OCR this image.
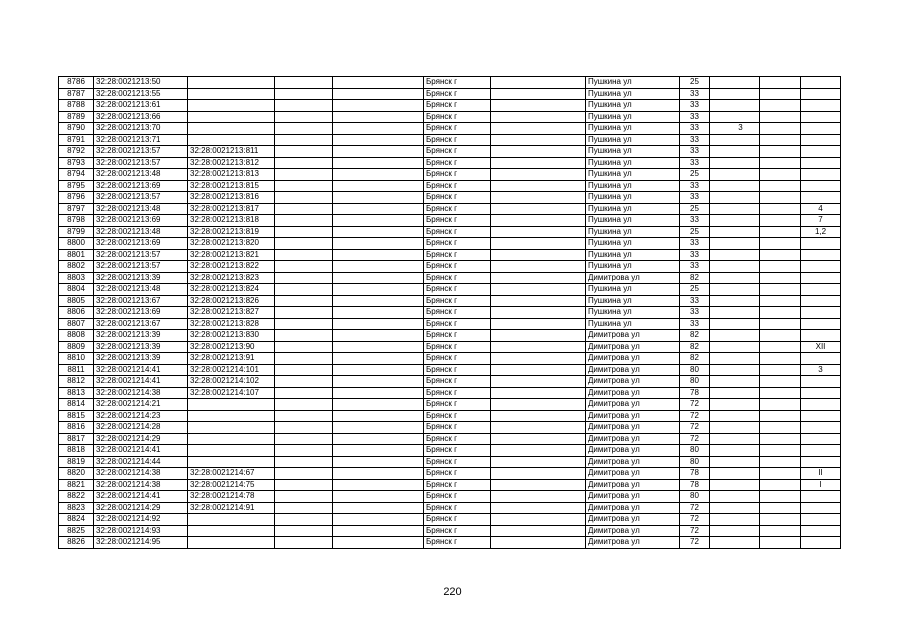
8786	32:28:0021213:50				Брянск г		Пушкина ул	25			
8787	32:28:0021213:55				Брянск г		Пушкина ул	33			
8788	32:28:0021213:61				Брянск г		Пушкина ул	33			
8789	32:28:0021213:66				Брянск г		Пушкина ул	33			
8790	32:28:0021213:70				Брянск г		Пушкина ул	33	3		
8791	32:28:0021213:71				Брянск г		Пушкина ул	33			
8792	32:28:0021213:57	32:28:0021213:811			Брянск г		Пушкина ул	33			
8793	32:28:0021213:57	32:28:0021213:812			Брянск г		Пушкина ул	33			
8794	32:28:0021213:48	32:28:0021213:813			Брянск г		Пушкина ул	25			
8795	32:28:0021213:69	32:28:0021213:815			Брянск г		Пушкина ул	33			
8796	32:28:0021213:57	32:28:0021213:816			Брянск г		Пушкина ул	33			
8797	32:28:0021213:48	32:28:0021213:817			Брянск г		Пушкина ул	25			4
8798	32:28:0021213:69	32:28:0021213:818			Брянск г		Пушкина ул	33			7
8799	32:28:0021213:48	32:28:0021213:819			Брянск г		Пушкина ул	25			1,2
8800	32:28:0021213:69	32:28:0021213:820			Брянск г		Пушкина ул	33			
8801	32:28:0021213:57	32:28:0021213:821			Брянск г		Пушкина ул	33			
8802	32:28:0021213:57	32:28:0021213:822			Брянск г		Пушкина ул	33			
8803	32:28:0021213:39	32:28:0021213:823			Брянск г		Димитрова ул	82			
8804	32:28:0021213:48	32:28:0021213:824			Брянск г		Пушкина ул	25			
8805	32:28:0021213:67	32:28:0021213:826			Брянск г		Пушкина ул	33			
8806	32:28:0021213:69	32:28:0021213:827			Брянск г		Пушкина ул	33			
8807	32:28:0021213:67	32:28:0021213:828			Брянск г		Пушкина ул	33			
8808	32:28:0021213:39	32:28:0021213:830			Брянск г		Димитрова ул	82			
8809	32:28:0021213:39	32:28:0021213:90			Брянск г		Димитрова ул	82			XII
8810	32:28:0021213:39	32:28:0021213:91			Брянск г		Димитрова ул	82			
8811	32:28:0021214:41	32:28:0021214:101			Брянск г		Димитрова ул	80			3
8812	32:28:0021214:41	32:28:0021214:102			Брянск г		Димитрова ул	80			
8813	32:28:0021214:38	32:28:0021214:107			Брянск г		Димитрова ул	78			
8814	32:28:0021214:21				Брянск г		Димитрова ул	72			
8815	32:28:0021214:23				Брянск г		Димитрова ул	72			
8816	32:28:0021214:28				Брянск г		Димитрова ул	72			
8817	32:28:0021214:29				Брянск г		Димитрова ул	72			
8818	32:28:0021214:41				Брянск г		Димитрова ул	80			
8819	32:28:0021214:44				Брянск г		Димитрова ул	80			
8820	32:28:0021214:38	32:28:0021214:67			Брянск г		Димитрова ул	78			II
8821	32:28:0021214:38	32:28:0021214:75			Брянск г		Димитрова ул	78			I
8822	32:28:0021214:41	32:28:0021214:78			Брянск г		Димитрова ул	80			
8823	32:28:0021214:29	32:28:0021214:91			Брянск г		Димитрова ул	72			
8824	32:28:0021214:92				Брянск г		Димитрова ул	72			
8825	32:28:0021214:93				Брянск г		Димитрова ул	72			
8826	32:28:0021214:95				Брянск г		Димитрова ул	72			
220
